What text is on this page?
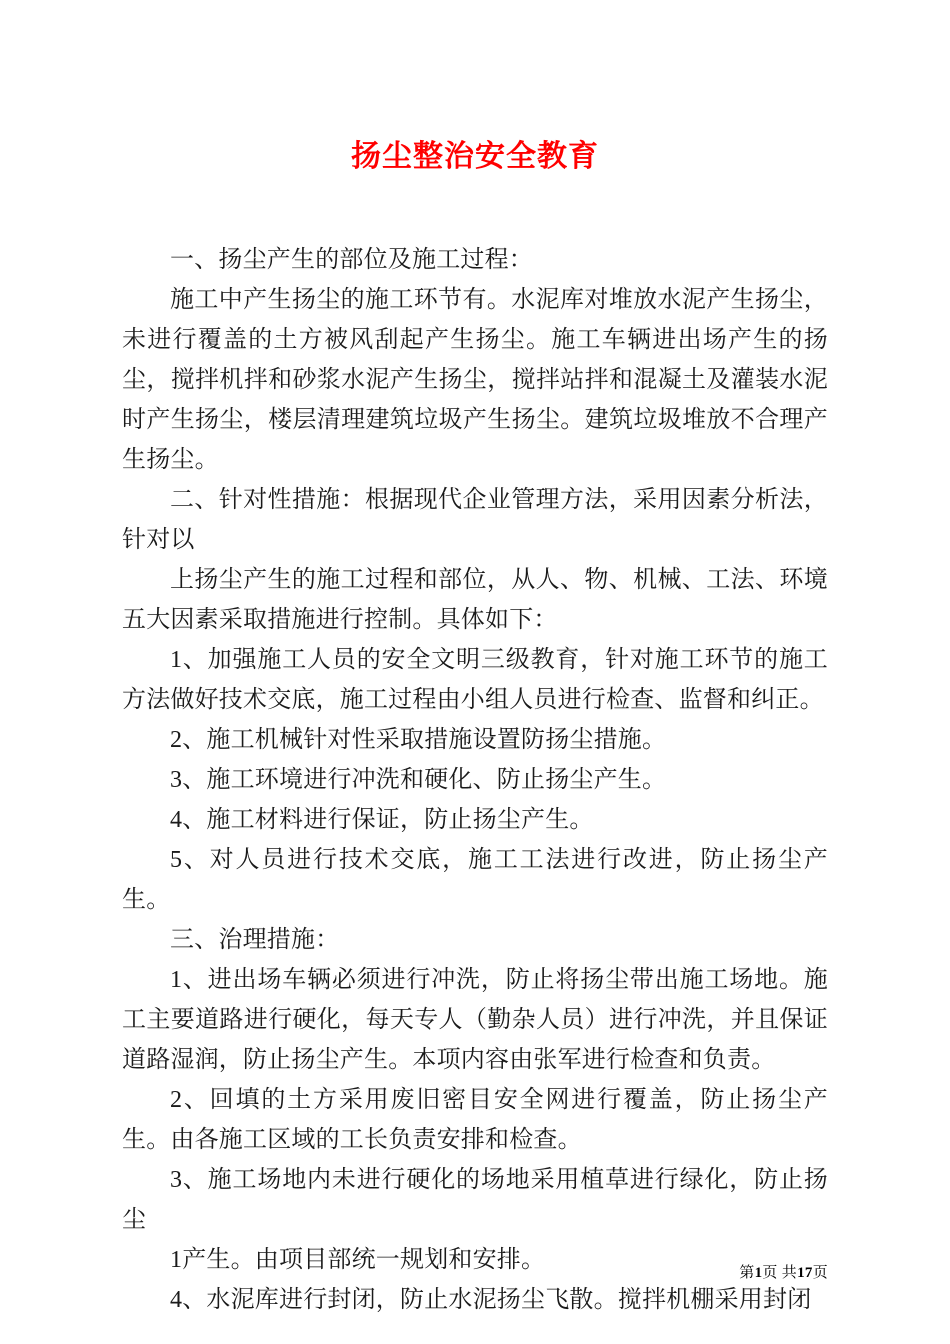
扬尘整治安全教育

一、扬尘产生的部位及施工过程：

施工中产生扬尘的施工环节有。水泥库对堆放水泥产生扬尘，未进行覆盖的土方被风刮起产生扬尘。施工车辆进出场产生的扬尘，搅拌机拌和砂浆水泥产生扬尘，搅拌站拌和混凝土及灌装水泥时产生扬尘，楼层清理建筑垃圾产生扬尘。建筑垃圾堆放不合理产生扬尘。

二、针对性措施：根据现代企业管理方法，采用因素分析法，针对以

上扬尘产生的施工过程和部位，从人、物、机械、工法、环境五大因素采取措施进行控制。具体如下：

1、加强施工人员的安全文明三级教育，针对施工环节的施工方法做好技术交底，施工过程由小组人员进行检查、监督和纠正。

2、施工机械针对性采取措施设置防扬尘措施。

3、施工环境进行冲洗和硬化、防止扬尘产生。

4、施工材料进行保证，防止扬尘产生。

5、对人员进行技术交底，施工工法进行改进，防止扬尘产生。

三、治理措施：

1、进出场车辆必须进行冲洗，防止将扬尘带出施工场地。施工主要道路进行硬化，每天专人（勤杂人员）进行冲洗，并且保证道路湿润，防止扬尘产生。本项内容由张军进行检查和负责。

2、回填的土方采用废旧密目安全网进行覆盖，防止扬尘产生。由各施工区域的工长负责安排和检查。

3、施工场地内未进行硬化的场地采用植草进行绿化，防止扬尘

1产生。由项目部统一规划和安排。

4、水泥库进行封闭，防止水泥扬尘飞散。搅拌机棚采用封闭

第1页 共17页
